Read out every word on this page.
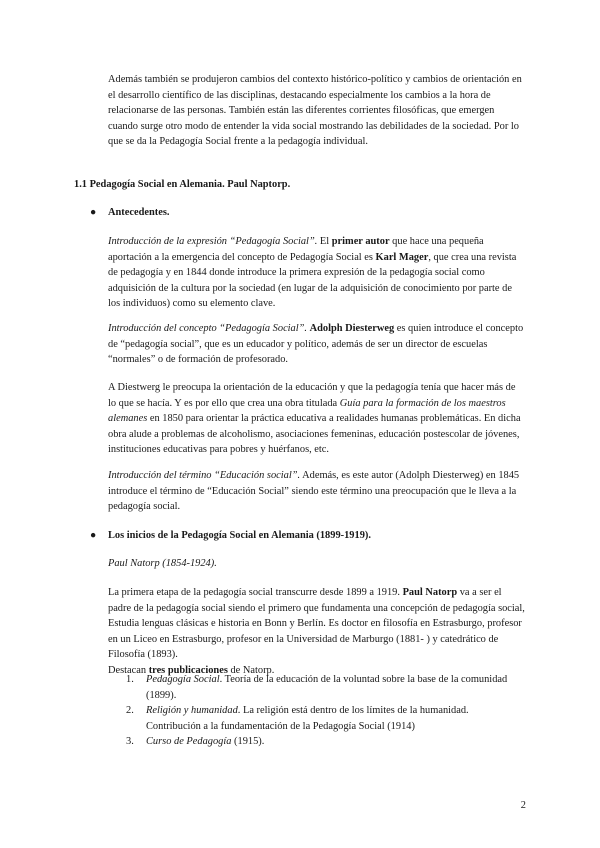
Además también se produjeron cambios del contexto histórico-político y cambios de orientación en el desarrollo científico de las disciplinas, destacando especialmente los cambios a la hora de relacionarse de las personas. También están las diferentes corrientes filosóficas, que emergen cuando surge otro modo de entender la vida social mostrando las debilidades de la sociedad. Por lo que se da la Pedagogía Social frente a la pedagogía individual.

1.1 Pedagogía Social en Alemania. Paul Naptorp.
● Antecedentes.

Introducción de la expresión “Pedagogía Social”. El primer autor que hace una pequeña aportación a la emergencia del concepto de Pedagogía Social es Karl Mager, que crea una revista de pedagogía y en 1844 donde introduce la primera expresión de la pedagogía social como adquisición de la cultura por la sociedad (en lugar de la adquisición de conocimiento por parte de los individuos) como su elemento clave.

Introducción del concepto “Pedagogía Social”. Adolph Diesterweg es quien introduce el concepto de “pedagogía social”, que es un educador y político, además de ser un director de escuelas “normales” o de formación de profesorado.

A Diestwerg le preocupa la orientación de la educación y que la pedagogía tenía que hacer más de lo que se hacía. Y es por ello que crea una obra titulada Guía para la formación de los maestros alemanes en 1850 para orientar la práctica educativa a realidades humanas problemáticas. En dicha obra alude a problemas de alcoholismo, asociaciones femeninas, educación postescolar de jóvenes, instituciones educativas para pobres y huérfanos, etc.

Introducción del término “Educación social”. Además, es este autor (Adolph Diesterweg) en 1845 introduce el término de “Educación Social” siendo este término una preocupación que le lleva a la pedagogía social.

● Los inicios de la Pedagogía Social en Alemania (1899-1919).

Paul Natorp (1854-1924).

La primera etapa de la pedagogía social transcurre desde 1899 a 1919. Paul Natorp va a ser el padre de la pedagogía social siendo el primero que fundamenta una concepción de pedagogía social, Estudia lenguas clásicas e historia en Bonn y Berlín. Es doctor en filosofía en Estrasburgo, profesor en un Liceo en Estrasburgo, profesor en la Universidad de Marburgo (1881- ) y catedrático de Filosofía (1893).
Destacan tres publicaciones de Natorp.

1.	Pedagogía Social. Teoría de la educación de la voluntad sobre la base de la comunidad (1899).
2.	Religión y humanidad. La religión está dentro de los límites de la humanidad. Contribución a la fundamentación de la Pedagogía Social (1914)
3.	Curso de Pedagogía (1915).
2
